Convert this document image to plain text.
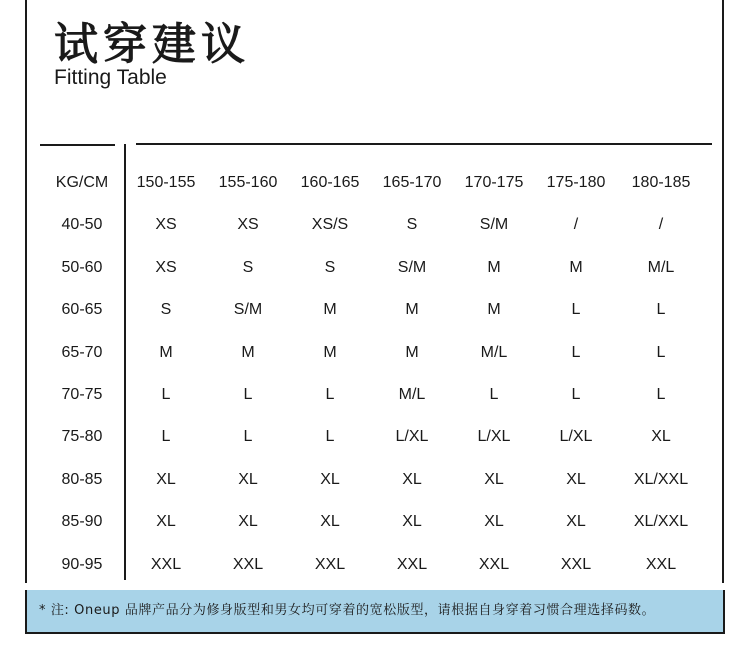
试穿建议
Fitting Table
KG/CM	150-155	155-160	160-165	165-170	170-175	175-180	180-185
40-50	XS	XS	XS/S	S	S/M	/	/
50-60	XS	S	S	S/M	M	M	M/L
60-65	S	S/M	M	M	M	L	L
65-70	M	M	M	M	M/L	L	L
70-75	L	L	L	M/L	L	L	L
75-80	L	L	L	L/XL	L/XL	L/XL	XL
80-85	XL	XL	XL	XL	XL	XL	XL/XXL
85-90	XL	XL	XL	XL	XL	XL	XL/XXL
90-95	XXL	XXL	XXL	XXL	XXL	XXL	XXL
* 注: Oneup 品牌产品分为修身版型和男女均可穿着的宽松版型，请根据自身穿着习惯合理选择码数。
